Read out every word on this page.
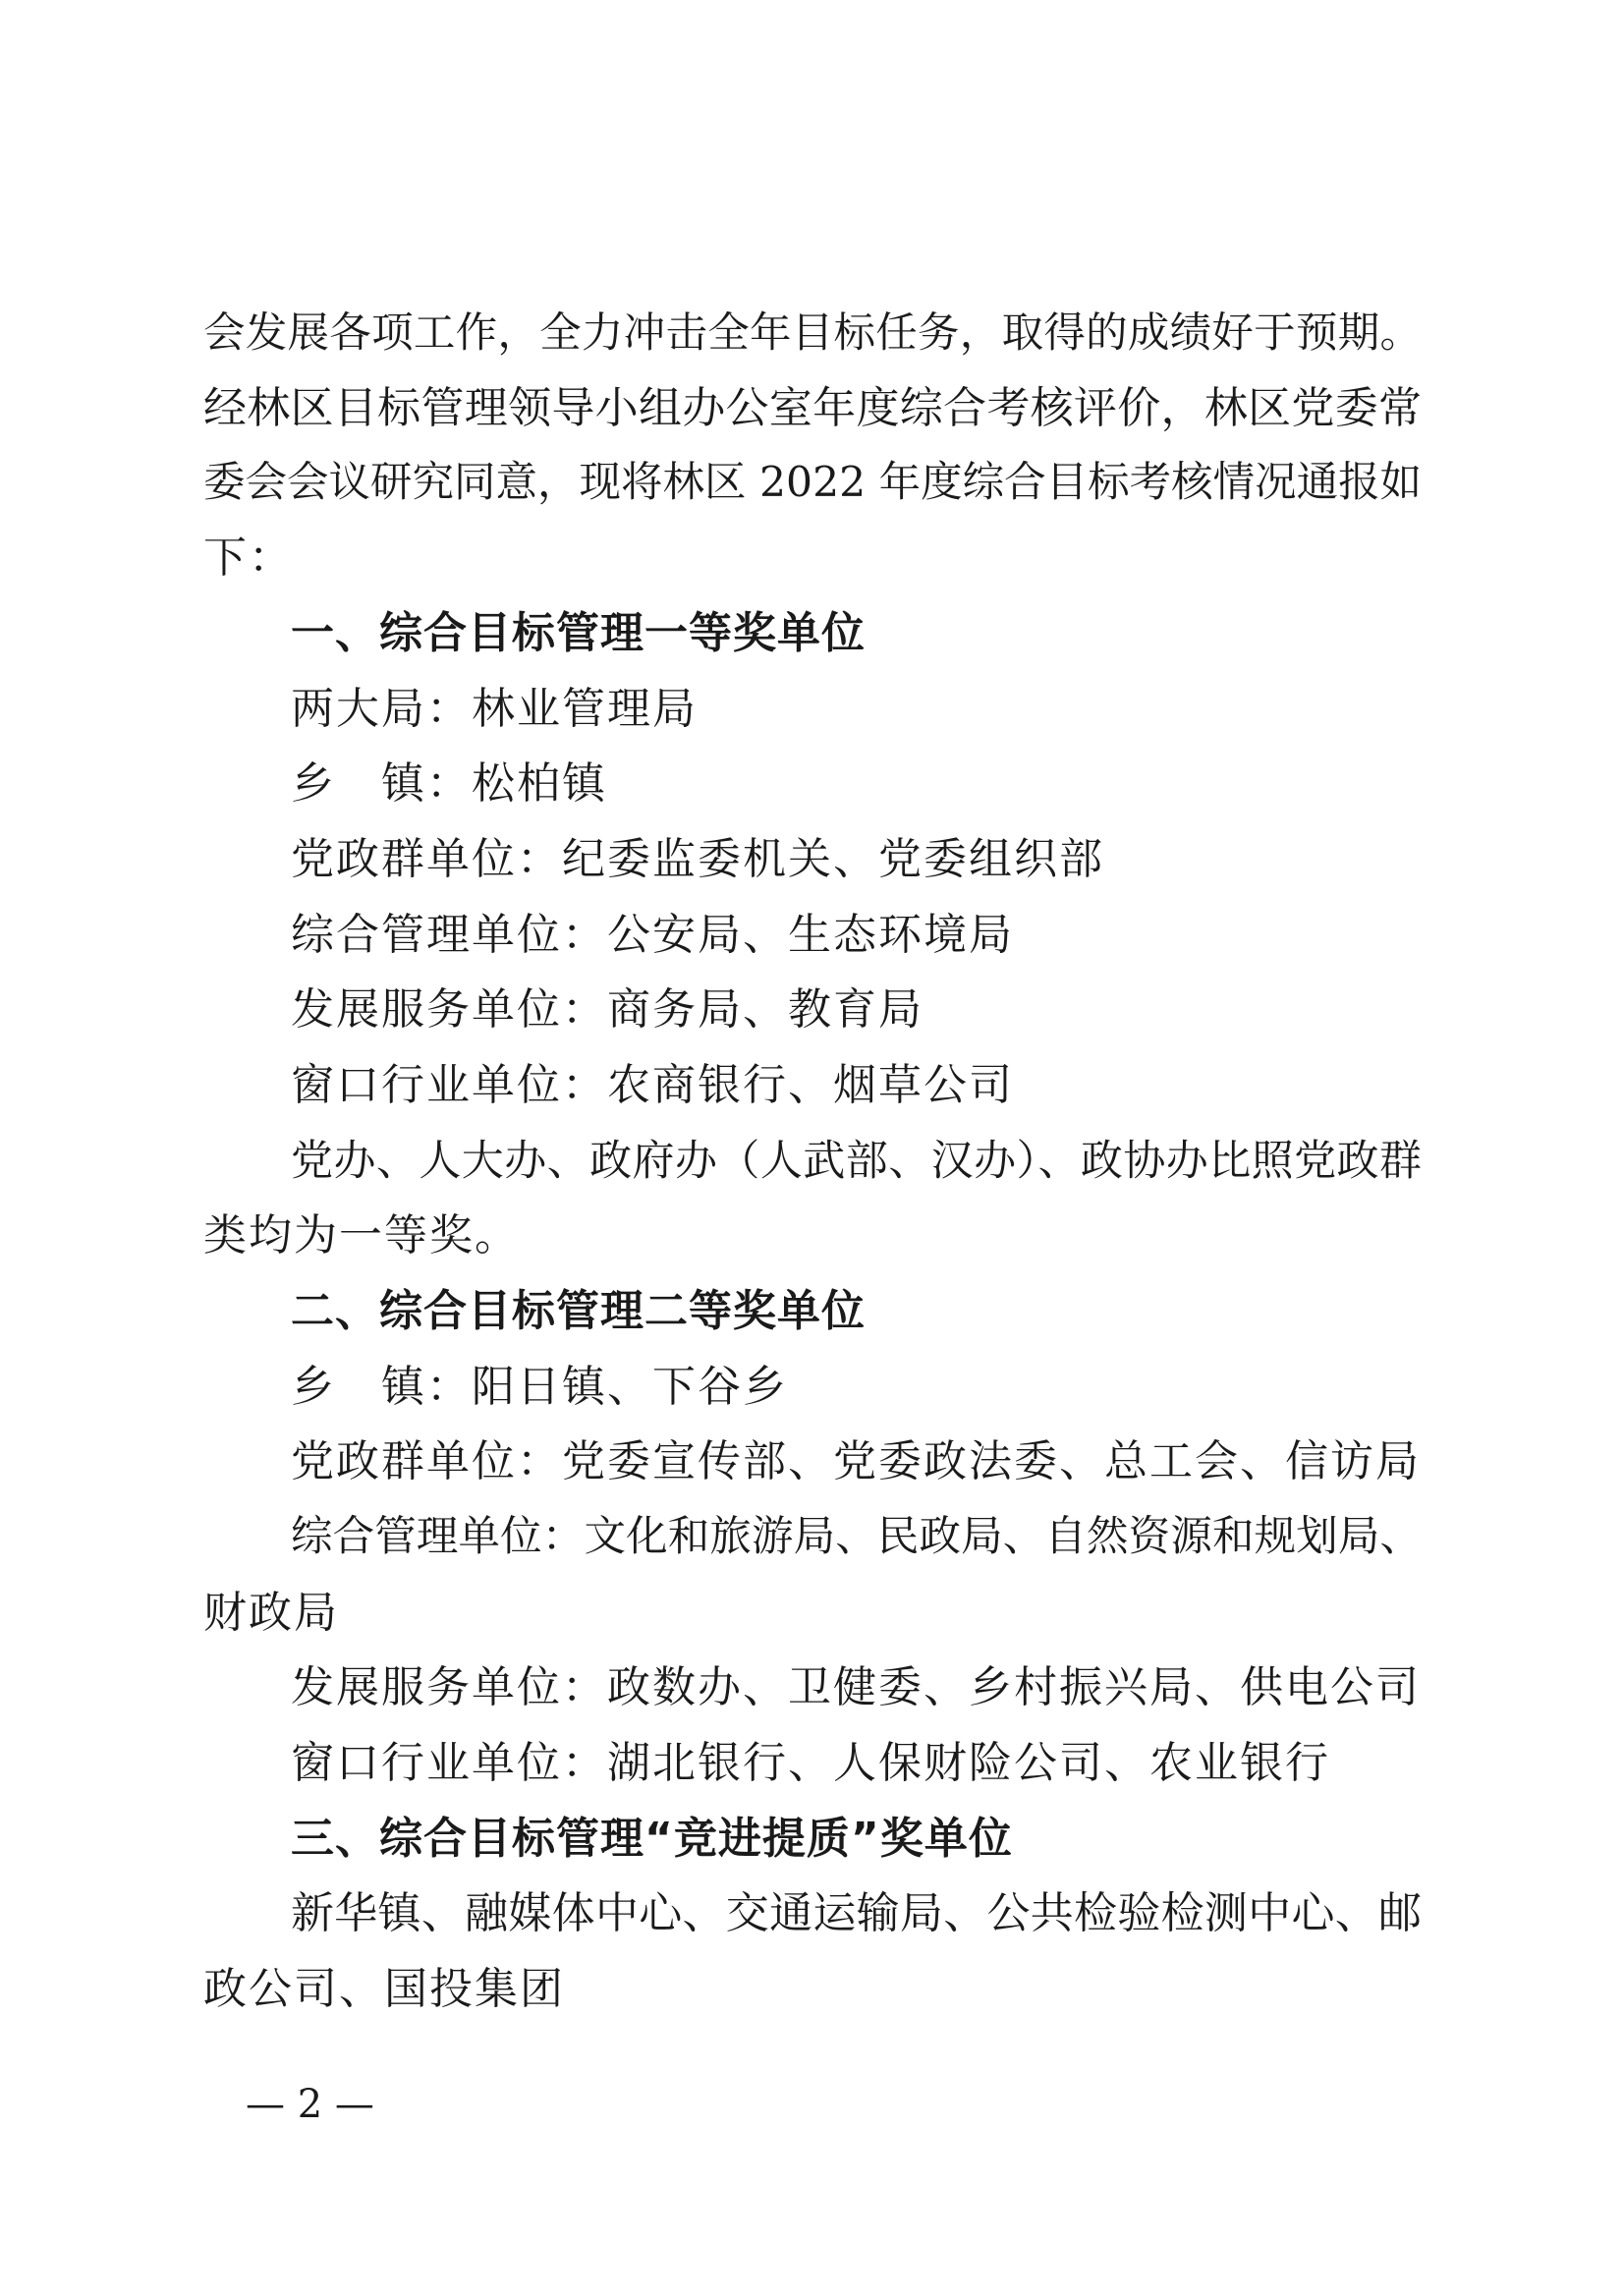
会发展各项工作，全力冲击全年目标任务，取得的成绩好于预期。
经林区目标管理领导小组办公室年度综合考核评价，林区党委常
委会会议研究同意，现将林区 2022 年度综合目标考核情况通报如
下：
一、综合目标管理一等奖单位
两大局：林业管理局
乡　镇：松柏镇
党政群单位：纪委监委机关、党委组织部
综合管理单位：公安局、生态环境局
发展服务单位：商务局、教育局
窗口行业单位：农商银行、烟草公司
党办、人大办、政府办（人武部、汉办）、政协办比照党政群
类均为一等奖。
二、综合目标管理二等奖单位
乡　镇：阳日镇、下谷乡
党政群单位：党委宣传部、党委政法委、总工会、信访局
综合管理单位：文化和旅游局、民政局、自然资源和规划局、
财政局
发展服务单位：政数办、卫健委、乡村振兴局、供电公司
窗口行业单位：湖北银行、人保财险公司、农业银行
三、综合目标管理“竞进提质”奖单位
新华镇、融媒体中心、交通运输局、公共检验检测中心、邮
政公司、国投集团
— 2 —
